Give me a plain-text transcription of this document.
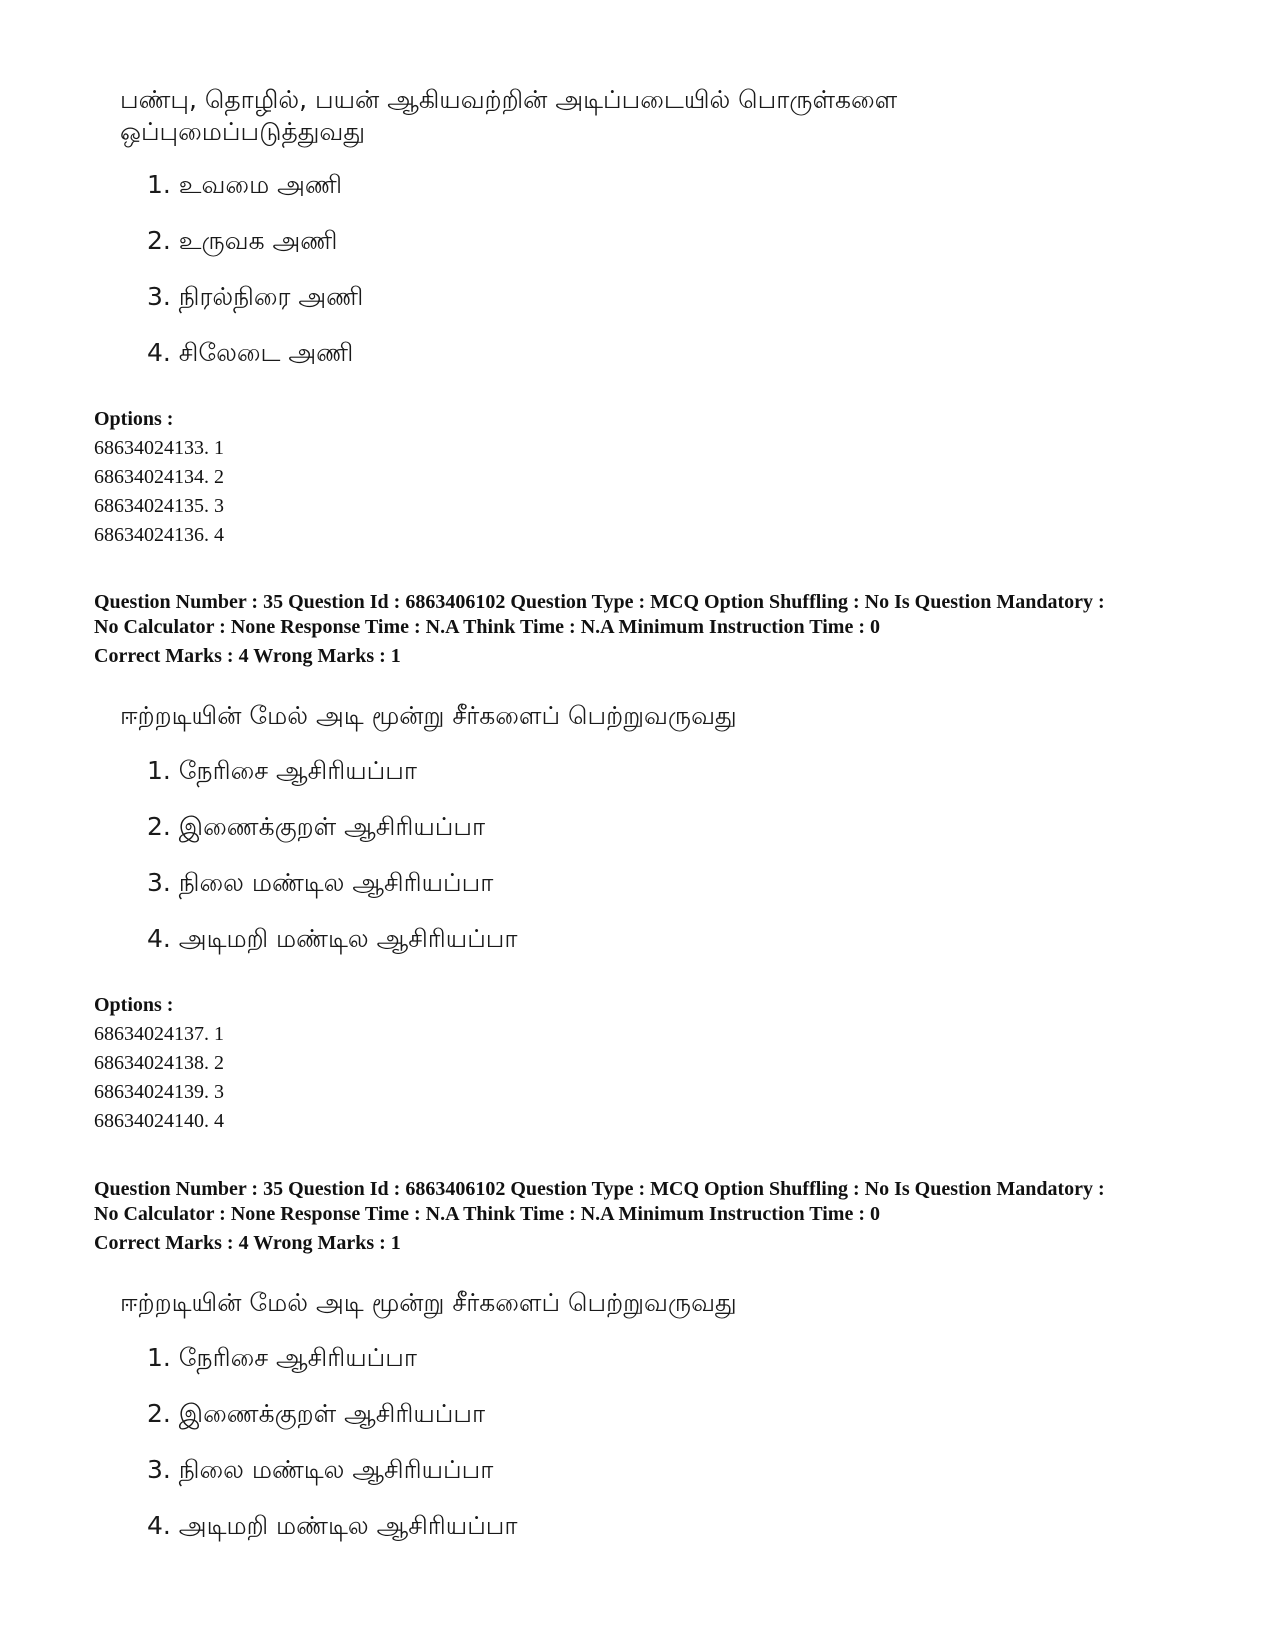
பண்பு, தொழில், பயன் ஆகியவற்றின் அடிப்படையில் பொருள்களை ஒப்புமைப்படுத்துவது
1. உவமை அணி
2. உருவக அணி
3. நிரல்நிரை அணி
4. சிலேடை அணி
Options :
68634024133. 1
68634024134. 2
68634024135. 3
68634024136. 4
Question Number : 35 Question Id : 6863406102 Question Type : MCQ Option Shuffling : No Is Question Mandatory :
No Calculator : None Response Time : N.A Think Time : N.A Minimum Instruction Time : 0
Correct Marks : 4 Wrong Marks : 1
ஈற்றடியின் மேல் அடி மூன்று சீர்களைப் பெற்றுவருவது
1. நேரிசை ஆசிரியப்பா
2. இணைக்குறள் ஆசிரியப்பா
3. நிலை மண்டில ஆசிரியப்பா
4. அடிமறி மண்டில ஆசிரியப்பா
Options :
68634024137. 1
68634024138. 2
68634024139. 3
68634024140. 4
Question Number : 35 Question Id : 6863406102 Question Type : MCQ Option Shuffling : No Is Question Mandatory :
No Calculator : None Response Time : N.A Think Time : N.A Minimum Instruction Time : 0
Correct Marks : 4 Wrong Marks : 1
ஈற்றடியின் மேல் அடி மூன்று சீர்களைப் பெற்றுவருவது
1. நேரிசை ஆசிரியப்பா
2. இணைக்குறள் ஆசிரியப்பா
3. நிலை மண்டில ஆசிரியப்பா
4. அடிமறி மண்டில ஆசிரியப்பா
